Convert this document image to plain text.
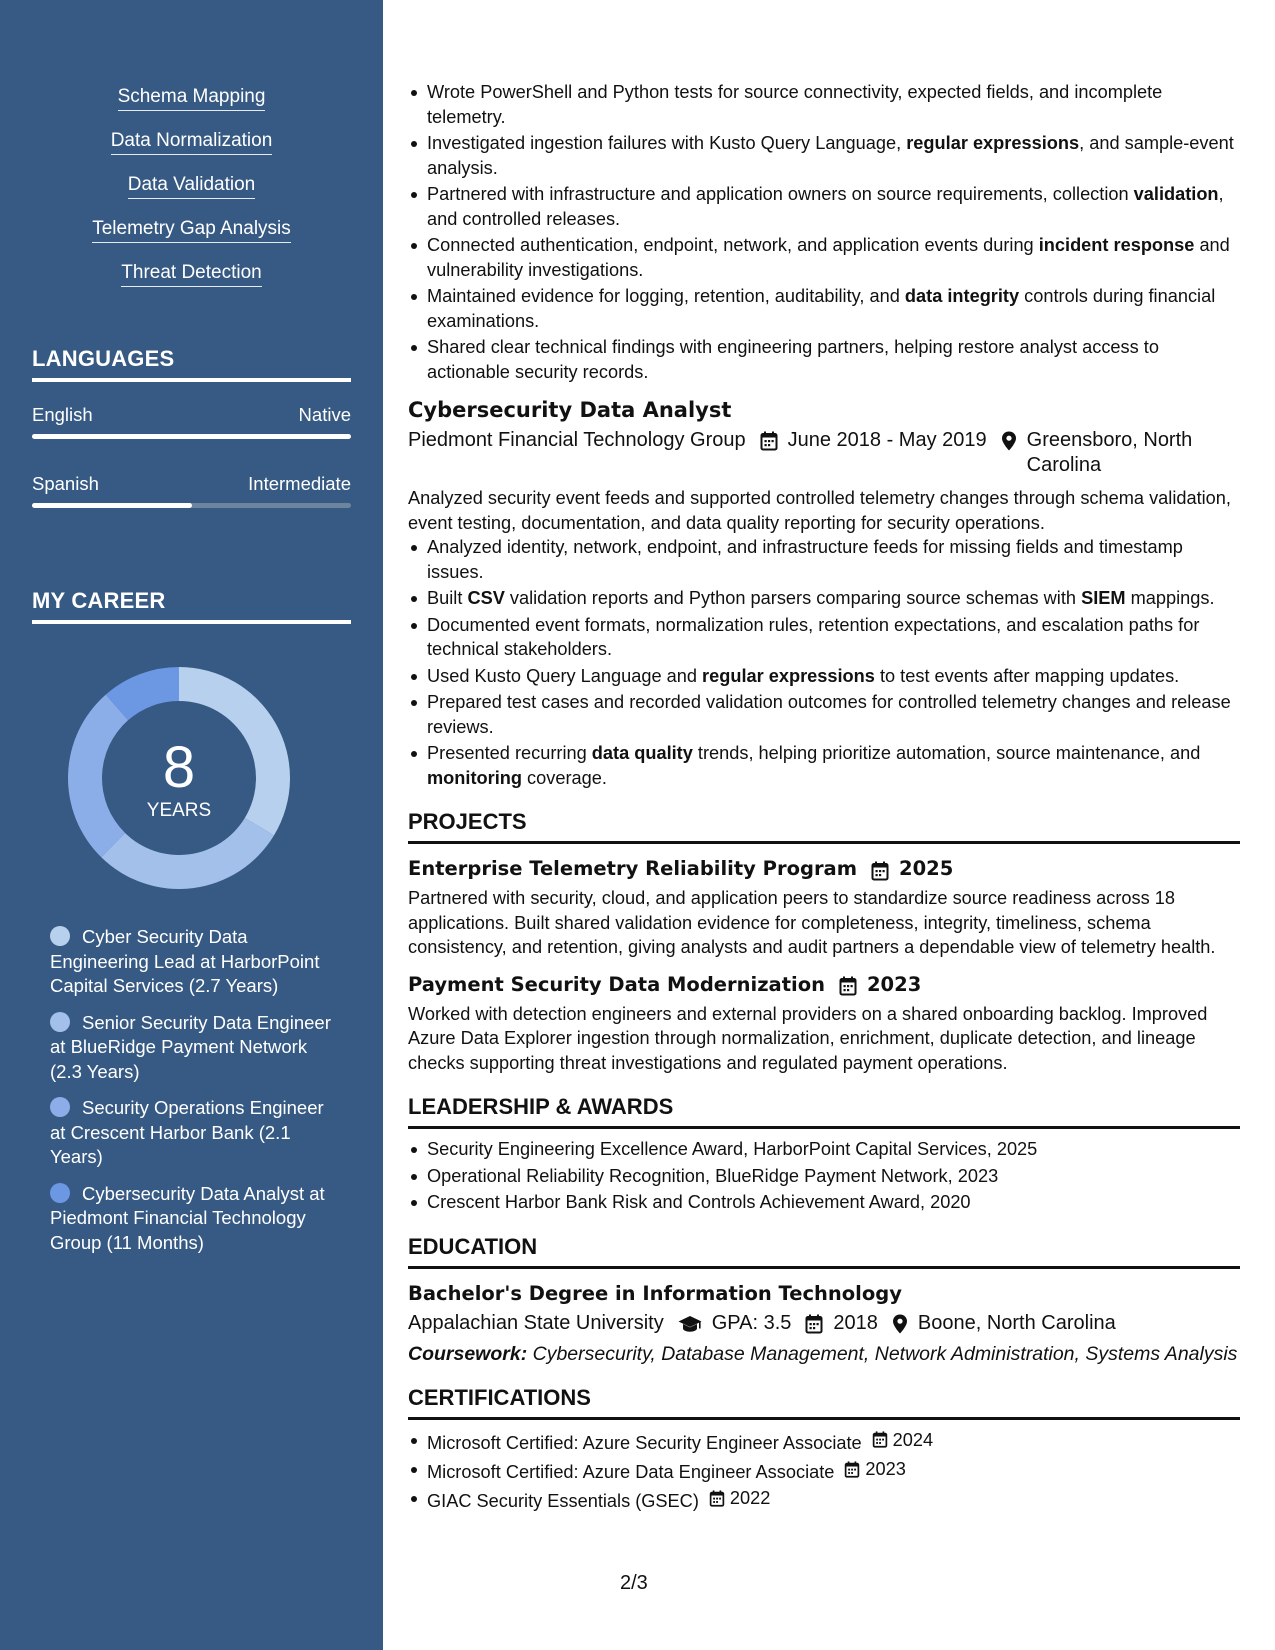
Schema Mapping
Data Normalization
Data Validation
Telemetry Gap Analysis
Threat Detection
LANGUAGES
English	Native
Spanish	Intermediate
MY CAREER
8
YEARS
Cyber Security Data Engineering Lead at HarborPoint Capital Services (2.7 Years)
Senior Security Data Engineer at BlueRidge Payment Network (2.3 Years)
Security Operations Engineer at Crescent Harbor Bank (2.1 Years)
Cybersecurity Data Analyst at Piedmont Financial Technology Group (11 Months)
Wrote PowerShell and Python tests for source connectivity, expected fields, and incomplete telemetry.
Investigated ingestion failures with Kusto Query Language, regular expressions, and sample-event analysis.
Partnered with infrastructure and application owners on source requirements, collection validation, and controlled releases.
Connected authentication, endpoint, network, and application events during incident response and vulnerability investigations.
Maintained evidence for logging, retention, auditability, and data integrity controls during financial examinations.
Shared clear technical findings with engineering partners, helping restore analyst access to actionable security records.
Cybersecurity Data Analyst
Piedmont Financial Technology Group June 2018 - May 2019 Greensboro, North Carolina
Analyzed security event feeds and supported controlled telemetry changes through schema validation, event testing, documentation, and data quality reporting for security operations.
Analyzed identity, network, endpoint, and infrastructure feeds for missing fields and timestamp issues.
Built CSV validation reports and Python parsers comparing source schemas with SIEM mappings.
Documented event formats, normalization rules, retention expectations, and escalation paths for technical stakeholders.
Used Kusto Query Language and regular expressions to test events after mapping updates.
Prepared test cases and recorded validation outcomes for controlled telemetry changes and release reviews.
Presented recurring data quality trends, helping prioritize automation, source maintenance, and monitoring coverage.
PROJECTS
Enterprise Telemetry Reliability Program 2025
Partnered with security, cloud, and application peers to standardize source readiness across 18 applications. Built shared validation evidence for completeness, integrity, timeliness, schema consistency, and retention, giving analysts and audit partners a dependable view of telemetry health.
Payment Security Data Modernization 2023
Worked with detection engineers and external providers on a shared onboarding backlog. Improved Azure Data Explorer ingestion through normalization, enrichment, duplicate detection, and lineage checks supporting threat investigations and regulated payment operations.
LEADERSHIP & AWARDS
Security Engineering Excellence Award, HarborPoint Capital Services, 2025
Operational Reliability Recognition, BlueRidge Payment Network, 2023
Crescent Harbor Bank Risk and Controls Achievement Award, 2020
EDUCATION
Bachelor's Degree in Information Technology
Appalachian State University GPA: 3.5 2018 Boone, North Carolina
Coursework: Cybersecurity, Database Management, Network Administration, Systems Analysis
CERTIFICATIONS
Microsoft Certified: Azure Security Engineer Associate 2024
Microsoft Certified: Azure Data Engineer Associate 2023
GIAC Security Essentials (GSEC) 2022
2/3
